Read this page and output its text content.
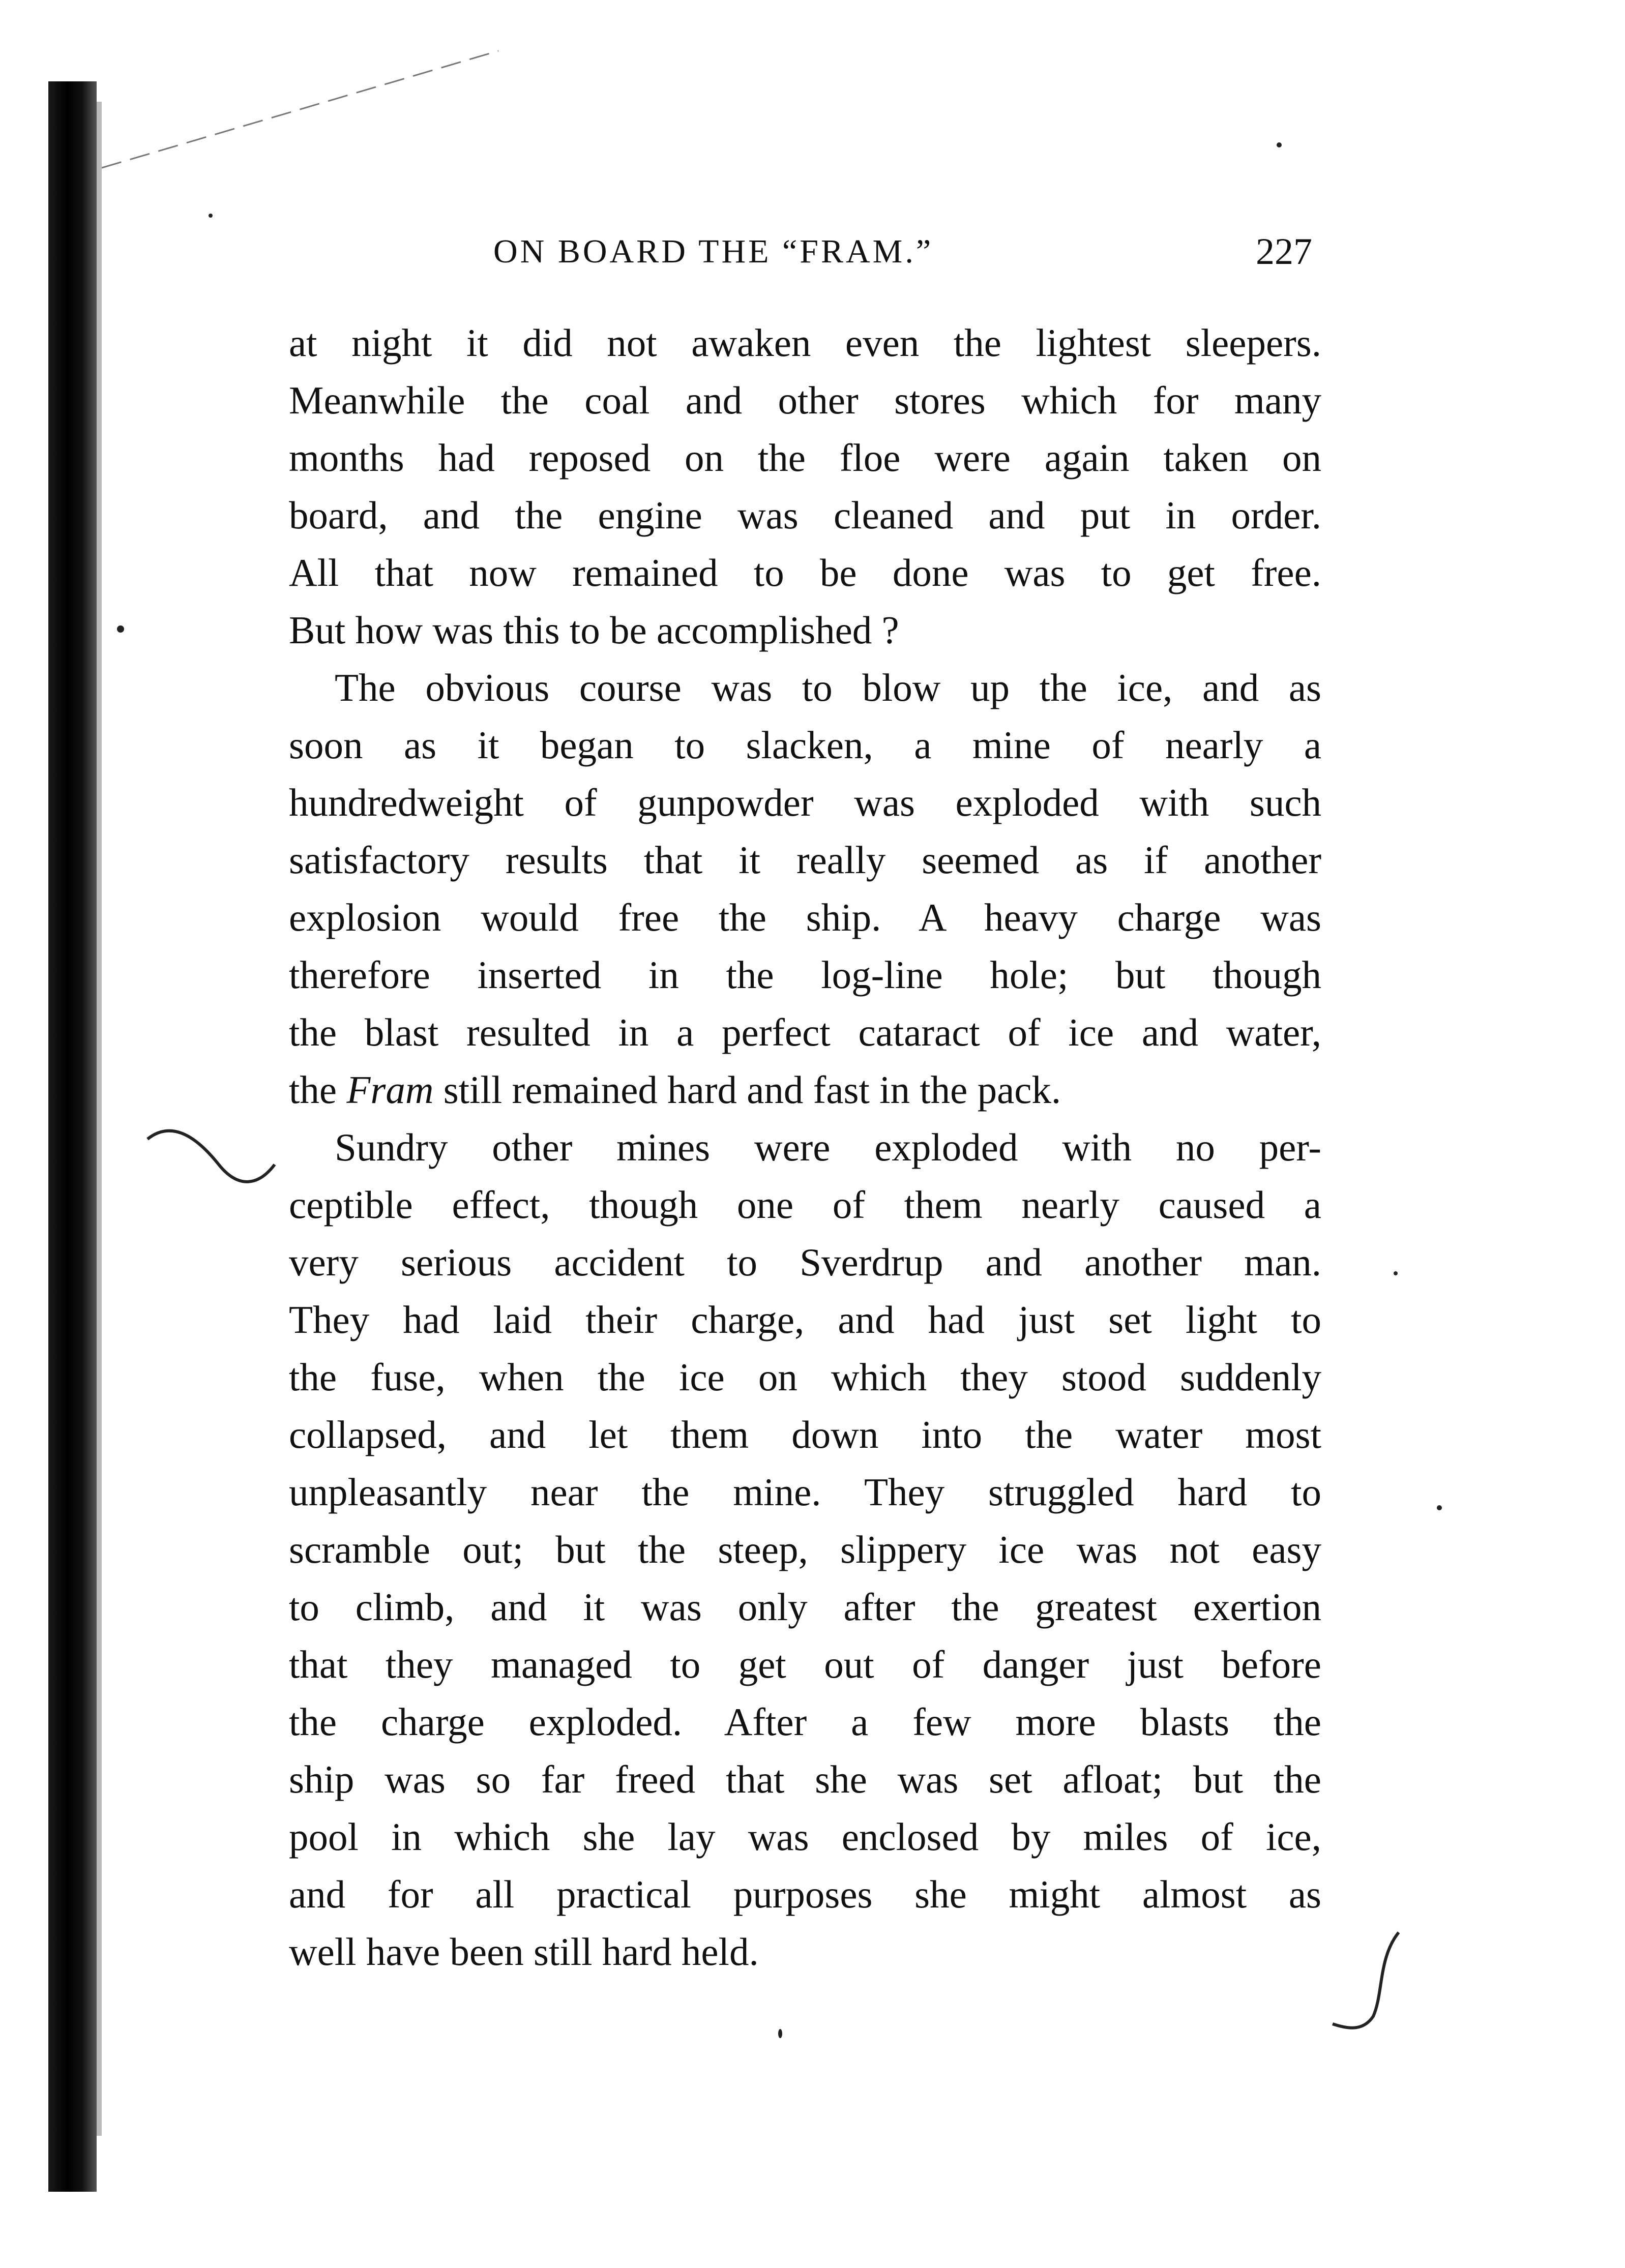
ON BOARD THE “FRAM.”	227
at night it did not awaken even the lightest sleepers.
Meanwhile the coal and other stores which for many
months had reposed on the floe were again taken on
board, and the engine was cleaned and put in order.
All that now remained to be done was to get free.
But how was this to be accomplished ?
The obvious course was to blow up the ice, and as
soon as it began to slacken, a mine of nearly a
hundredweight of gunpowder was exploded with such
satisfactory results that it really seemed as if another
explosion would free the ship. A heavy charge was
therefore inserted in the log-line hole; but though
the blast resulted in a perfect cataract of ice and water,
the Fram still remained hard and fast in the pack.
Sundry other mines were exploded with no per-
ceptible effect, though one of them nearly caused a
very serious accident to Sverdrup and another man.
They had laid their charge, and had just set light to
the fuse, when the ice on which they stood suddenly
collapsed, and let them down into the water most
unpleasantly near the mine. They struggled hard to
scramble out; but the steep, slippery ice was not easy
to climb, and it was only after the greatest exertion
that they managed to get out of danger just before
the charge exploded. After a few more blasts the
ship was so far freed that she was set afloat; but the
pool in which she lay was enclosed by miles of ice,
and for all practical purposes she might almost as
well have been still hard held.
